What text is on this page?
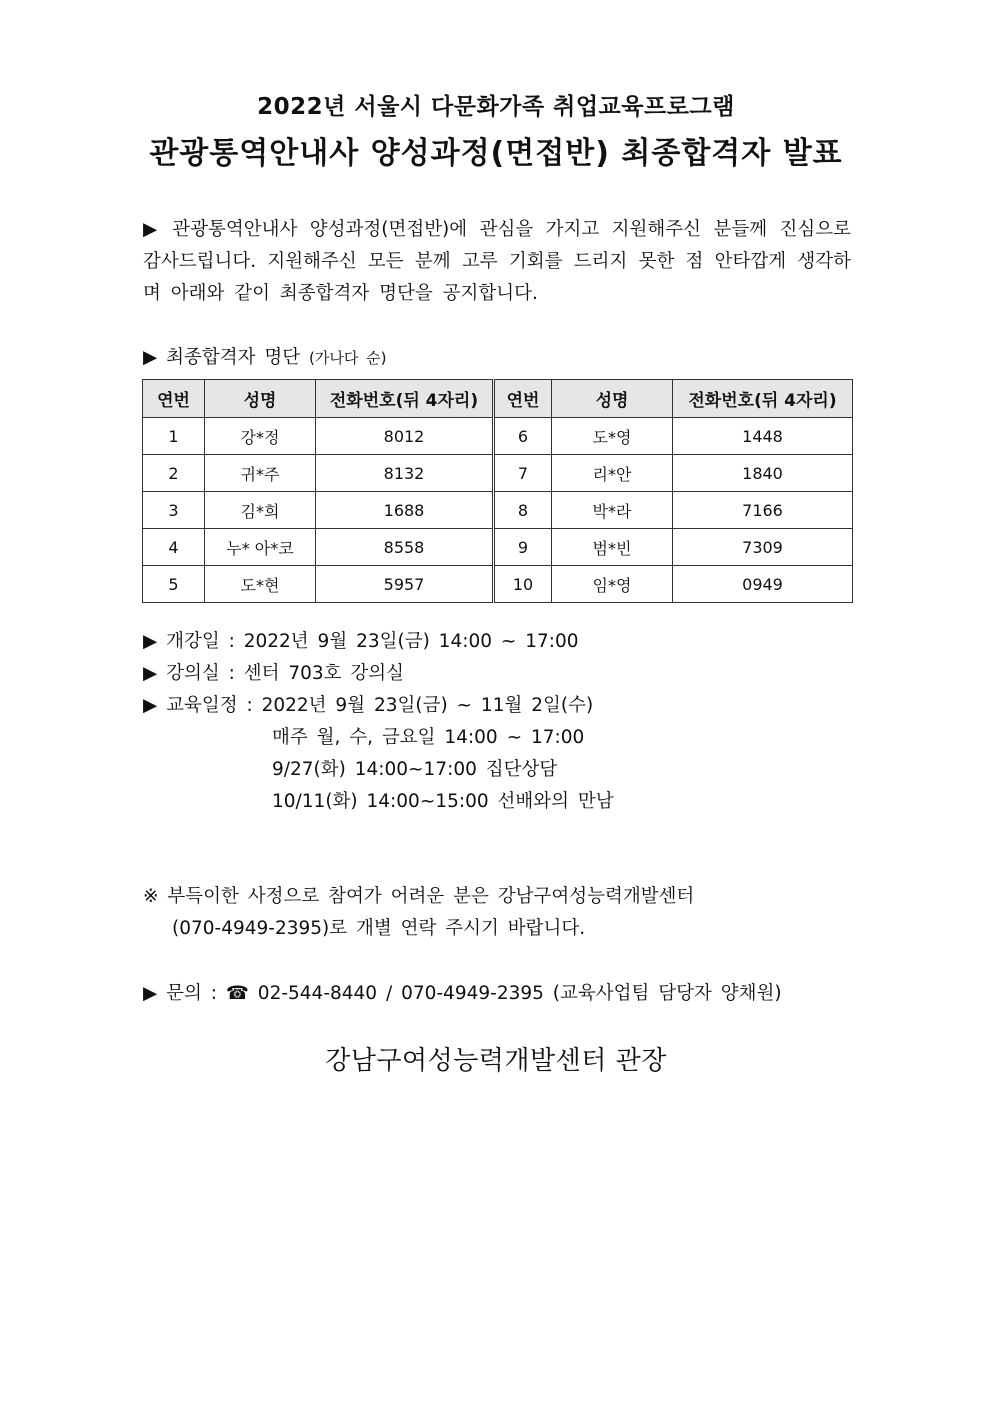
2022년 서울시 다문화가족 취업교육프로그램
관광통역안내사 양성과정(면접반) 최종합격자 발표
▶ 관광통역안내사 양성과정(면접반)에 관심을 가지고 지원해주신 분들께 진심으로 감사드립니다. 지원해주신 모든 분께 고루 기회를 드리지 못한 점 안타깝게 생각하며 아래와 같이 최종합격자 명단을 공지합니다.
▶ 최종합격자 명단 (가나다 순)
연번	성명	전화번호(뒤 4자리)	연번	성명	전화번호(뒤 4자리)
1	강*정	8012	6	도*영	1448
2	귀*주	8132	7	리*안	1840
3	김*희	1688	8	박*라	7166
4	누* 아*코	8558	9	범*빈	7309
5	도*현	5957	10	임*영	0949
▶ 개강일 : 2022년 9월 23일(금) 14:00 ~ 17:00
▶ 강의실 : 센터 703호 강의실
▶ 교육일정 : 2022년 9월 23일(금) ~ 11월 2일(수)
매주 월, 수, 금요일 14:00 ~ 17:00
9/27(화) 14:00~17:00 집단상담
10/11(화) 14:00~15:00 선배와의 만남
※ 부득이한 사정으로 참여가 어려운 분은 강남구여성능력개발센터
(070-4949-2395)로 개별 연락 주시기 바랍니다.
▶ 문의 : ☎ 02-544-8440 / 070-4949-2395 (교육사업팀 담당자 양채원)
강남구여성능력개발센터 관장
